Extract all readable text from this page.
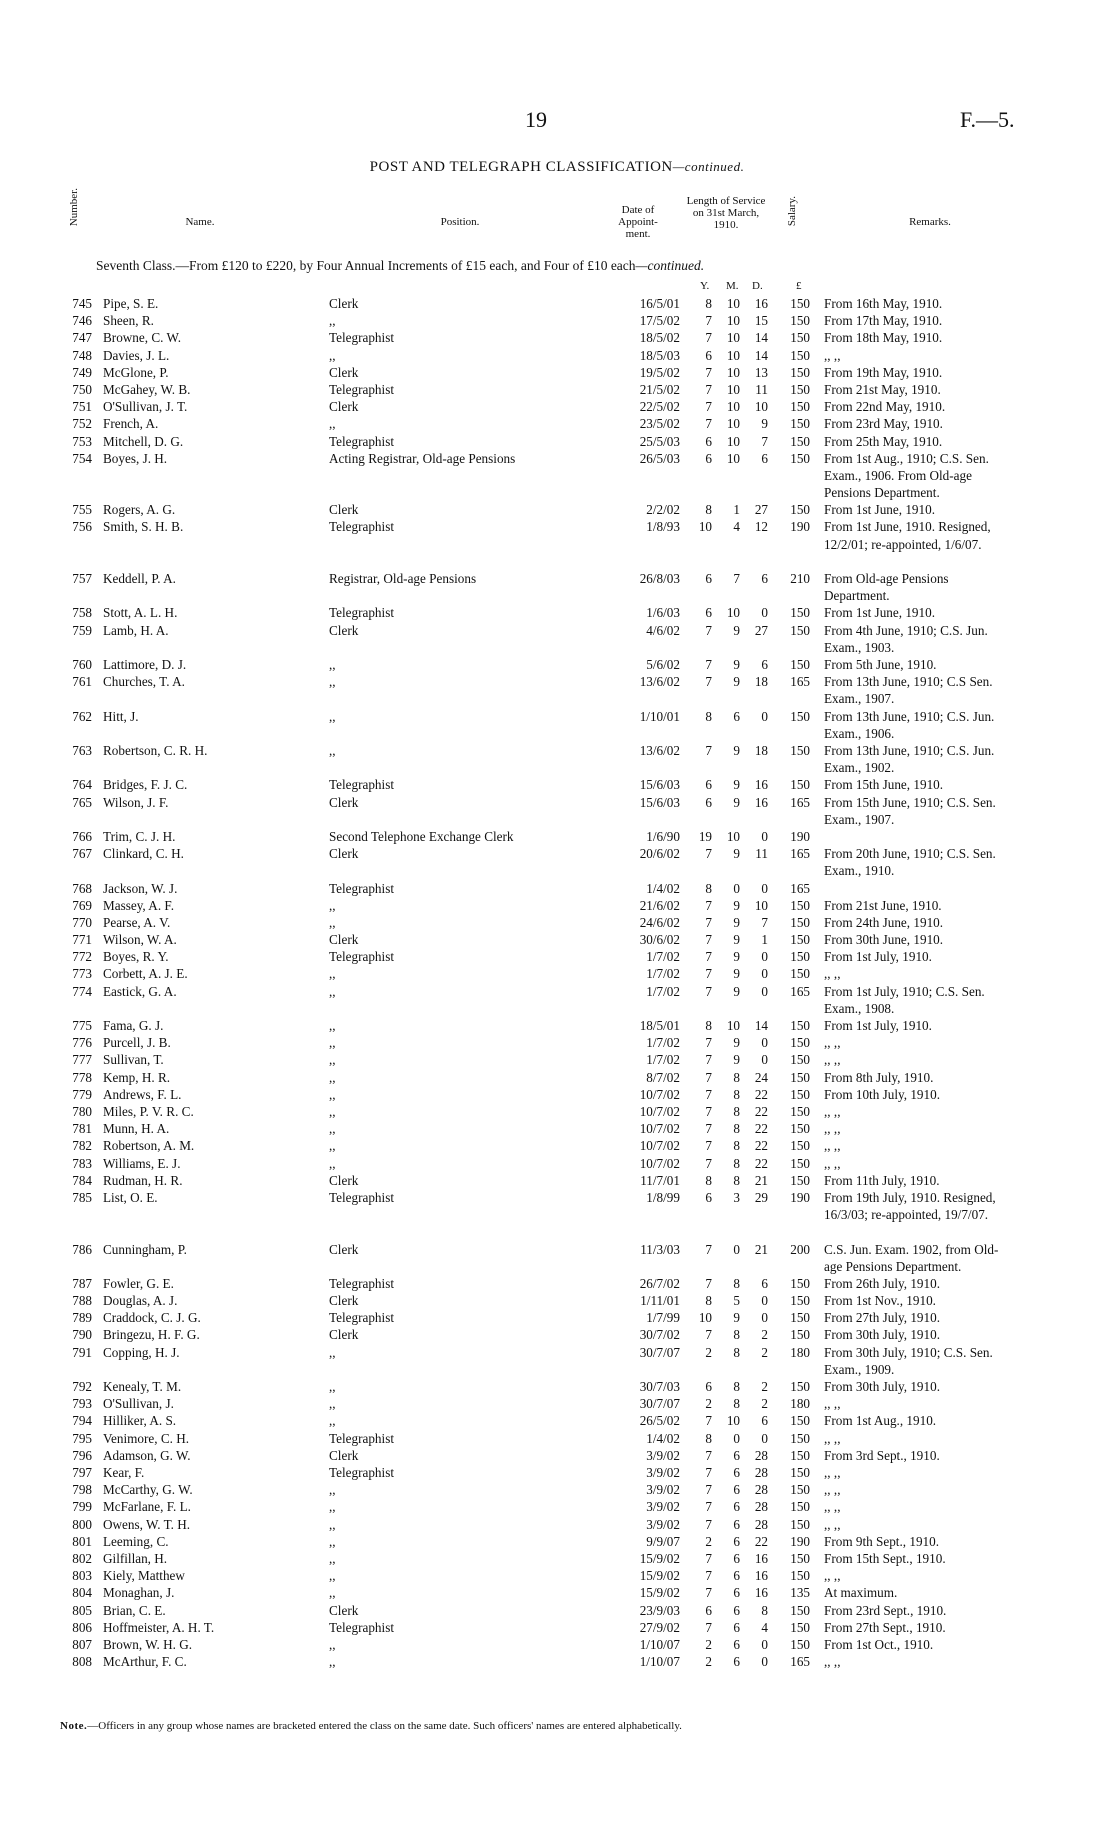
19	F.—5.
POST AND TELEGRAPH CLASSIFICATION—continued.
Number.	Name.	Position.
Date of Appoint-ment.
Length of Service on 31st March, 1910.	Salary.	Remarks.
Seventh Class.—From £120 to £220, by Four Annual Increments of £15 each, and Four of £10 each—continued.
Y. M. D.	£
745 Pipe, S. E.	Clerk	16/5/01	8	10	16	150 From 16th May, 1910.
746 Sheen, R.	,,	17/5/02	7	10	15	150 From 17th May, 1910.
747 Browne, C. W.	Telegraphist	18/5/02	7	10	14	150 From 18th May, 1910.
748 Davies, J. L.	,,	18/5/03	6	10	14	150 ,, ,,
749 McGlone, P.	Clerk	19/5/02	7	10	13	150 From 19th May, 1910.
750 McGahey, W. B.	Telegraphist	21/5/02	7	10	11	150 From 21st May, 1910.
751 O'Sullivan, J. T.	Clerk	22/5/02	7	10	10	150 From 22nd May, 1910.
752 French, A.	,,	23/5/02	7	10	9	150 From 23rd May, 1910.
753 Mitchell, D. G.	Telegraphist	25/5/03	6	10	7	150 From 25th May, 1910.
754 Boyes, J. H.	Acting Registrar, Old-age Pensions	26/5/03	6	10	6	150 From 1st Aug., 1910; C.S. Sen. Exam., 1906. From Old-age Pensions Department.
755 Rogers, A. G.	Clerk	2/2/02	8	1	27	150 From 1st June, 1910.
756 Smith, S. H. B.	Telegraphist	1/8/93	10	4	12	190 From 1st June, 1910. Resigned, 12/2/01; re-appointed, 1/6/07.
757 Keddell, P. A.	Registrar, Old-age Pensions	26/8/03	6	7	6	210 From Old-age Pensions Department.
758 Stott, A. L. H.	Telegraphist	1/6/03	6	10	0	150 From 1st June, 1910.
759 Lamb, H. A.	Clerk	4/6/02	7	9	27	150 From 4th June, 1910; C.S. Jun. Exam., 1903.
760 Lattimore, D. J.	,,	5/6/02	7	9	6	150 From 5th June, 1910.
761 Churches, T. A.	,,	13/6/02	7	9	18	165 From 13th June, 1910; C.S Sen. Exam., 1907.
762 Hitt, J.	,,	1/10/01	8	6	0	150 From 13th June, 1910; C.S. Jun. Exam., 1906.
763 Robertson, C. R. H.	,,	13/6/02	7	9	18	150 From 13th June, 1910; C.S. Jun. Exam., 1902.
764 Bridges, F. J. C.	Telegraphist	15/6/03	6	9	16	150 From 15th June, 1910.
765 Wilson, J. F.	Clerk	15/6/03	6	9	16	165 From 15th June, 1910; C.S. Sen. Exam., 1907.
766 Trim, C. J. H.	Second Telephone Exchange Clerk	1/6/90	19	10	0	190
767 Clinkard, C. H.	Clerk	20/6/02	7	9	11	165 From 20th June, 1910; C.S. Sen. Exam., 1910.
768 Jackson, W. J.	Telegraphist	1/4/02	8	0	0	165
769 Massey, A. F.	,,	21/6/02	7	9	10	150 From 21st June, 1910.
770 Pearse, A. V.	,,	24/6/02	7	9	7	150 From 24th June, 1910.
771 Wilson, W. A.	Clerk	30/6/02	7	9	1	150 From 30th June, 1910.
772 Boyes, R. Y.	Telegraphist	1/7/02	7	9	0	150 From 1st July, 1910.
773 Corbett, A. J. E.	,,	1/7/02	7	9	0	150 ,, ,,
774 Eastick, G. A.	,,	1/7/02	7	9	0	165 From 1st July, 1910; C.S. Sen. Exam., 1908.
775 Fama, G. J.	,,	18/5/01	8	10	14	150 From 1st July, 1910.
776 Purcell, J. B.	,,	1/7/02	7	9	0	150 ,, ,,
777 Sullivan, T.	,,	1/7/02	7	9	0	150 ,, ,,
778 Kemp, H. R.	,,	8/7/02	7	8	24	150 From 8th July, 1910.
779 Andrews, F. L.	,,	10/7/02	7	8	22	150 From 10th July, 1910.
780 Miles, P. V. R. C.	,,	10/7/02	7	8	22	150 ,, ,,
781 Munn, H. A.	,,	10/7/02	7	8	22	150 ,, ,,
782 Robertson, A. M.	,,	10/7/02	7	8	22	150 ,, ,,
783 Williams, E. J.	,,	10/7/02	7	8	22	150 ,, ,,
784 Rudman, H. R.	Clerk	11/7/01	8	8	21	150 From 11th July, 1910.
785 List, O. E.	Telegraphist	1/8/99	6	3	29	190 From 19th July, 1910. Resigned, 16/3/03; re-appointed, 19/7/07.
786 Cunningham, P.	Clerk	11/3/03	7	0	21	200 C.S. Jun. Exam. 1902, from Old-age Pensions Department.
787 Fowler, G. E.	Telegraphist	26/7/02	7	8	6	150 From 26th July, 1910.
788 Douglas, A. J.	Clerk	1/11/01	8	5	0	150 From 1st Nov., 1910.
789 Craddock, C. J. G.	Telegraphist	1/7/99	10	9	0	150 From 27th July, 1910.
790 Bringezu, H. F. G.	Clerk	30/7/02	7	8	2	150 From 30th July, 1910.
791 Copping, H. J.	,,	30/7/07	2	8	2	180 From 30th July, 1910; C.S. Sen. Exam., 1909.
792 Kenealy, T. M.	,,	30/7/03	6	8	2	150 From 30th July, 1910.
793 O'Sullivan, J.	,,	30/7/07	2	8	2	180 ,, ,,
794 Hilliker, A. S.	,,	26/5/02	7	10	6	150 From 1st Aug., 1910.
795 Venimore, C. H.	Telegraphist	1/4/02	8	0	0	150 ,, ,,
796 Adamson, G. W.	Clerk	3/9/02	7	6	28	150 From 3rd Sept., 1910.
797 Kear, F.	Telegraphist	3/9/02	7	6	28	150 ,, ,,
798 McCarthy, G. W.	,,	3/9/02	7	6	28	150 ,, ,,
799 McFarlane, F. L.	,,	3/9/02	7	6	28	150 ,, ,,
800 Owens, W. T. H.	,,	3/9/02	7	6	28	150 ,, ,,
801 Leeming, C.	,,	9/9/07	2	6	22	190 From 9th Sept., 1910.
802 Gilfillan, H.	,,	15/9/02	7	6	16	150 From 15th Sept., 1910.
803 Kiely, Matthew	,,	15/9/02	7	6	16	150 ,, ,,
804 Monaghan, J.	,,	15/9/02	7	6	16	135 At maximum.
805 Brian, C. E.	Clerk	23/9/03	6	6	8	150 From 23rd Sept., 1910.
806 Hoffmeister, A. H. T.	Telegraphist	27/9/02	7	6	4	150 From 27th Sept., 1910.
807 Brown, W. H. G.	,,	1/10/07	2	6	0	150 From 1st Oct., 1910.
808 McArthur, F. C.	,,	1/10/07	2	6	0	165 ,, ,,
Note.—Officers in any group whose names are bracketed entered the class on the same date. Such officers' names are entered alphabetically.
